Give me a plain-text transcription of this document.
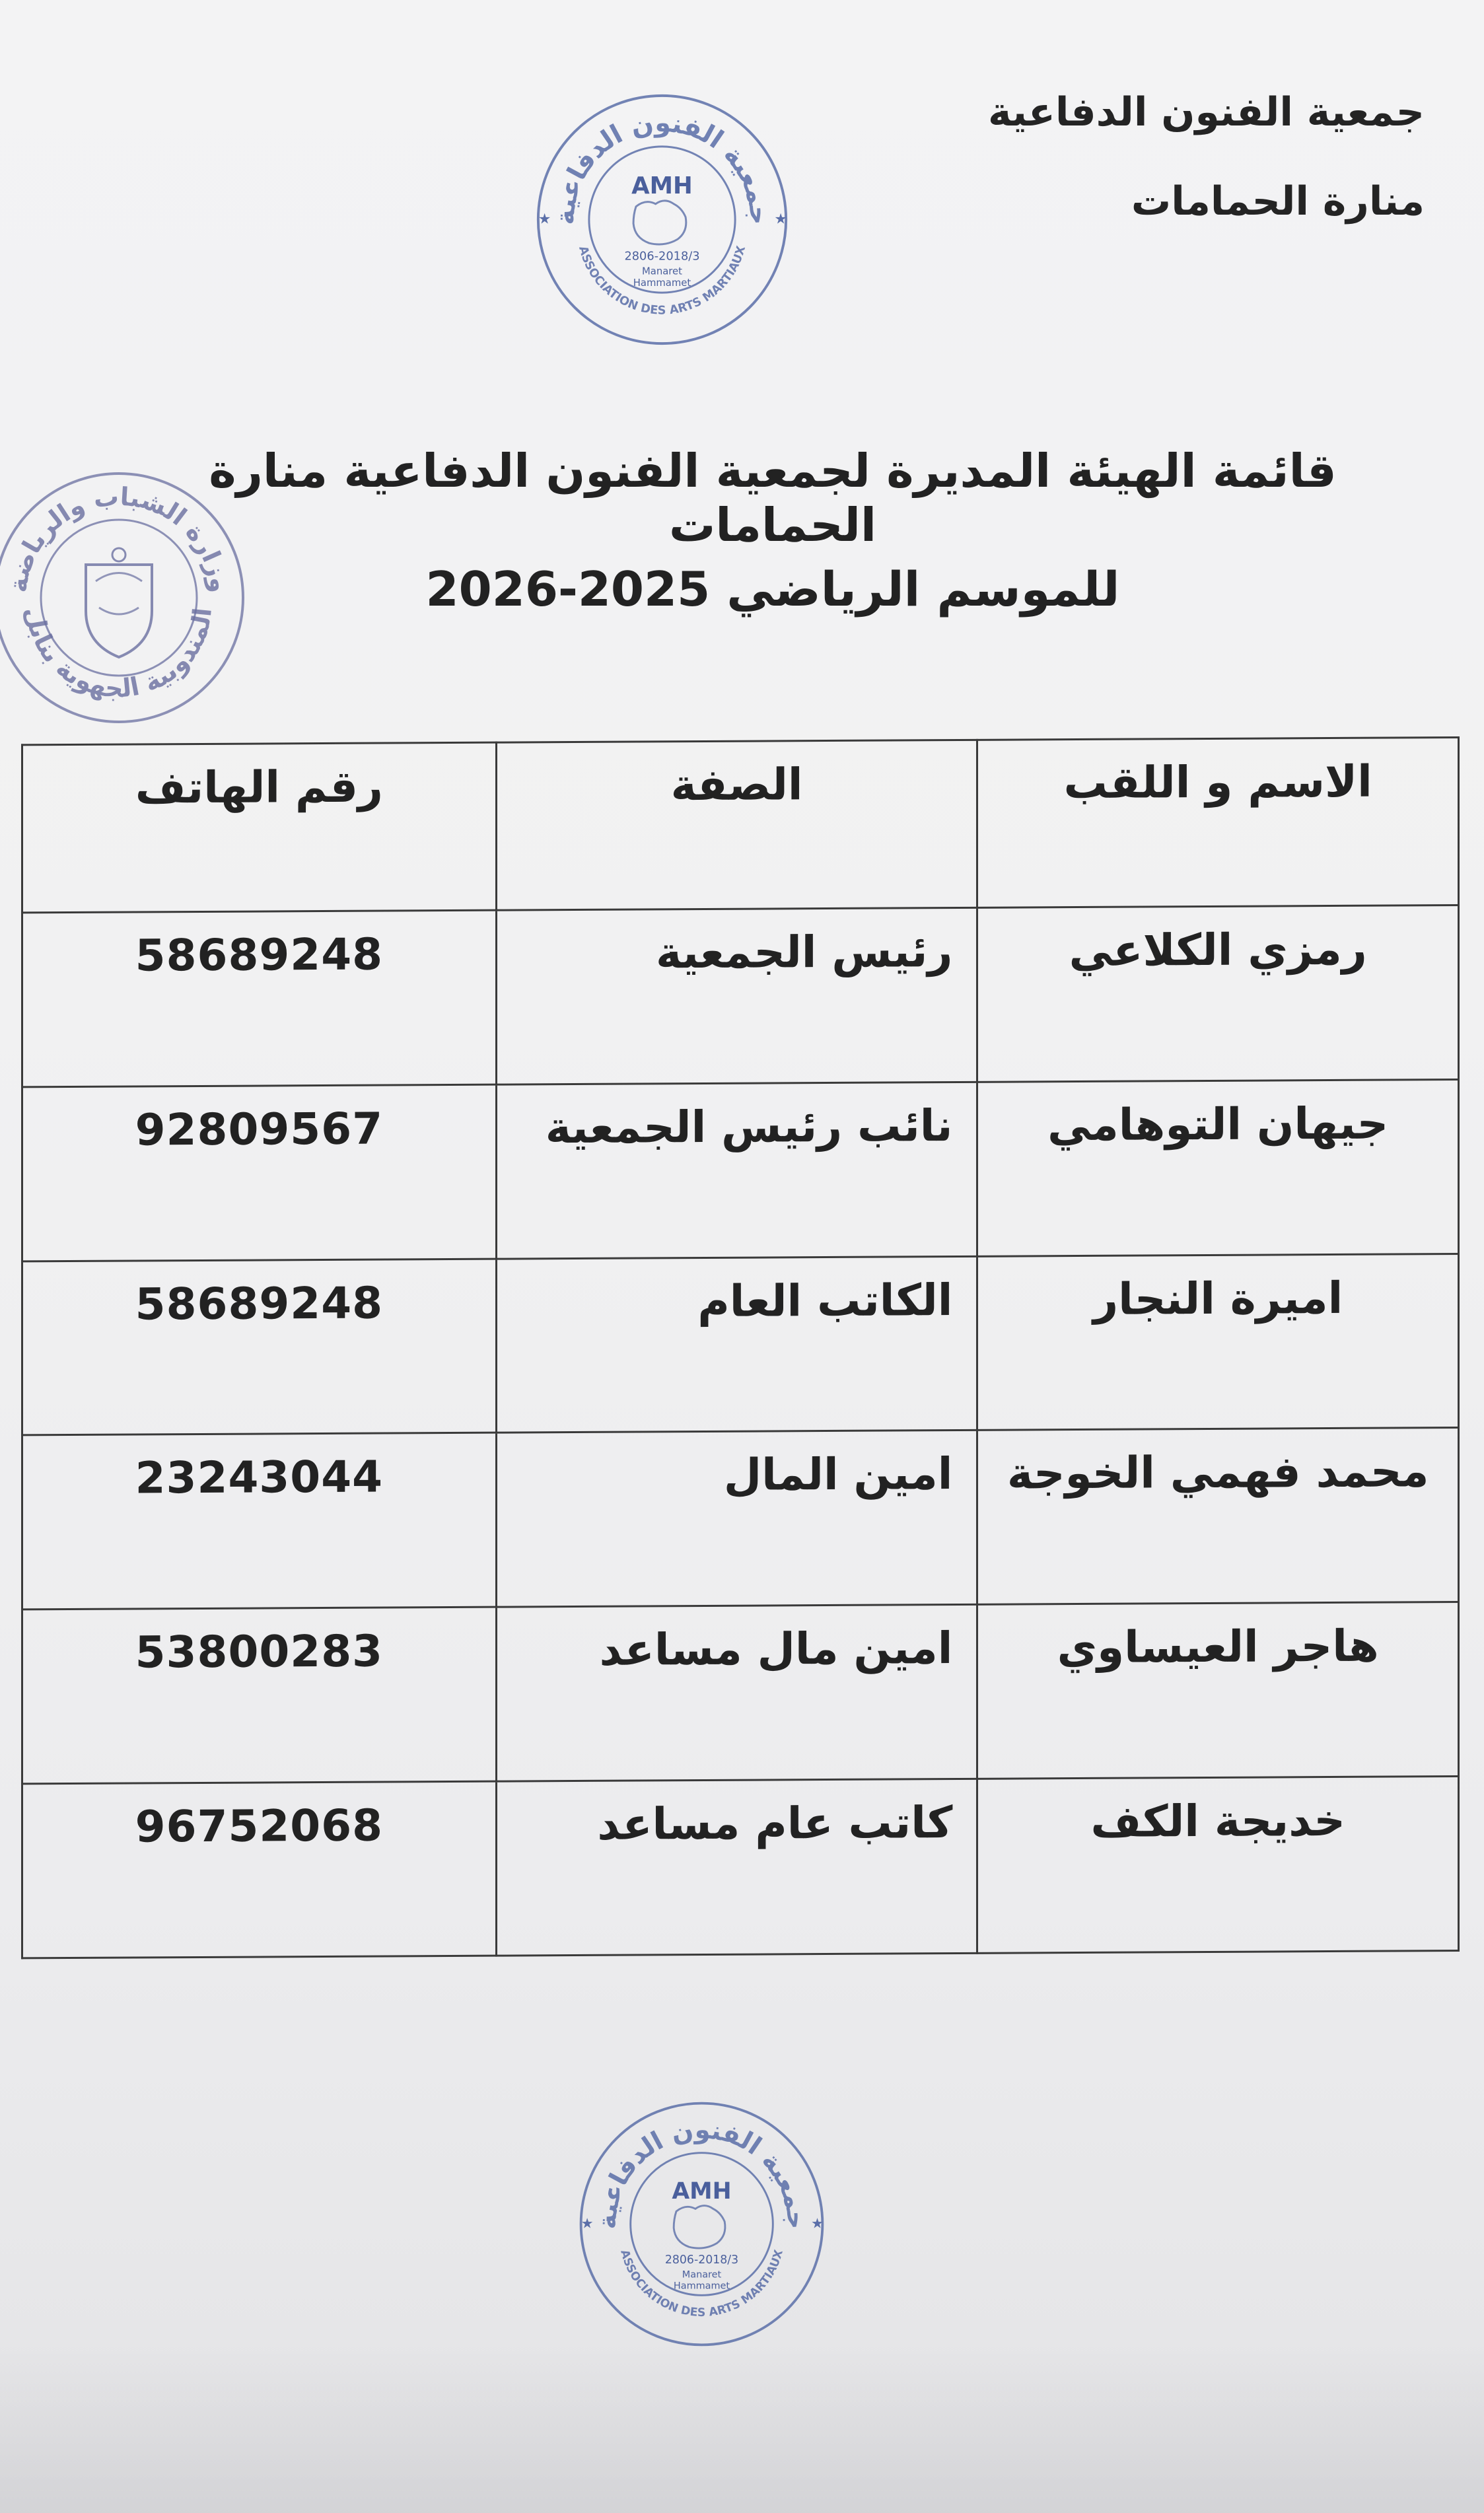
جمعية الفنون الدفاعية
منارة الحمامات
جمعية الفنون الدفاعية
ASSOCIATION DES ARTS MARTIAUX
AMH
2806-2018/3
Manaret
Hammamet
★
★
وزارة الشباب والرياضة
المندوبية الجهوية بنابل
قائمة الهيئة المديرة لجمعية الفنون الدفاعية منارة الحمامات
للموسم الرياضي 2025-2026
الاسم و اللقب	الصفة	رقم الهاتف
رمزي الكلاعي	رئيس الجمعية	58689248
جيهان التوهامي	نائب رئيس الجمعية	92809567
اميرة النجار	الكاتب العام	58689248
محمد فهمي الخوجة	امين المال	23243044
هاجر العيساوي	امين مال مساعد	53800283
خديجة الكف	كاتب عام مساعد	96752068
جمعية الفنون الدفاعية
ASSOCIATION DES ARTS MARTIAUX
AMH
2806-2018/3
Manaret
Hammamet
★
★
